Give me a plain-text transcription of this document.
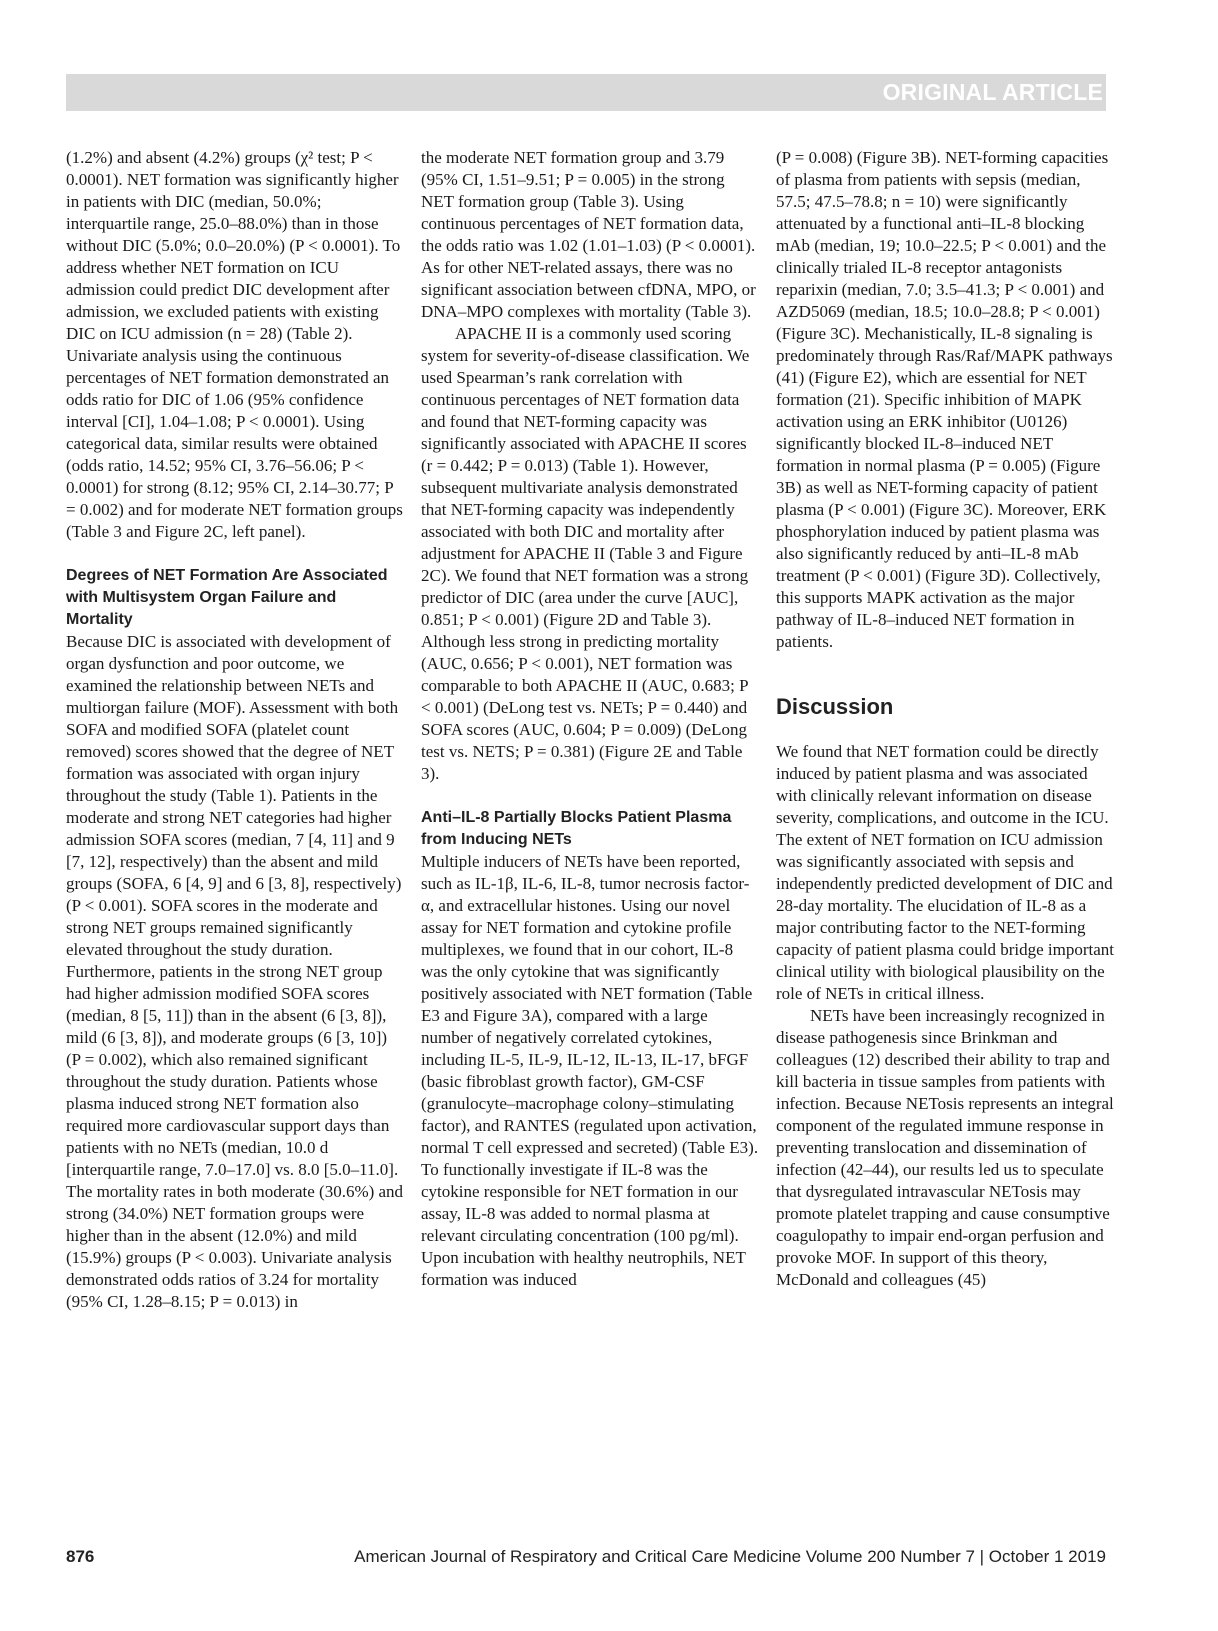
ORIGINAL ARTICLE

(1.2%) and absent (4.2%) groups (χ² test; P < 0.0001). NET formation was significantly higher in patients with DIC (median, 50.0%; interquartile range, 25.0–88.0%) than in those without DIC (5.0%; 0.0–20.0%) (P < 0.0001). To address whether NET formation on ICU admission could predict DIC development after admission, we excluded patients with existing DIC on ICU admission (n = 28) (Table 2). Univariate analysis using the continuous percentages of NET formation demonstrated an odds ratio for DIC of 1.06 (95% confidence interval [CI], 1.04–1.08; P < 0.0001). Using categorical data, similar results were obtained (odds ratio, 14.52; 95% CI, 3.76–56.06; P < 0.0001) for strong (8.12; 95% CI, 2.14–30.77; P = 0.002) and for moderate NET formation groups (Table 3 and Figure 2C, left panel).

Degrees of NET Formation Are Associated with Multisystem Organ Failure and Mortality

Because DIC is associated with development of organ dysfunction and poor outcome, we examined the relationship between NETs and multiorgan failure (MOF). Assessment with both SOFA and modified SOFA (platelet count removed) scores showed that the degree of NET formation was associated with organ injury throughout the study (Table 1). Patients in the moderate and strong NET categories had higher admission SOFA scores (median, 7 [4, 11] and 9 [7, 12], respectively) than the absent and mild groups (SOFA, 6 [4, 9] and 6 [3, 8], respectively) (P < 0.001). SOFA scores in the moderate and strong NET groups remained significantly elevated throughout the study duration. Furthermore, patients in the strong NET group had higher admission modified SOFA scores (median, 8 [5, 11]) than in the absent (6 [3, 8]), mild (6 [3, 8]), and moderate groups (6 [3, 10]) (P = 0.002), which also remained significant throughout the study duration. Patients whose plasma induced strong NET formation also required more cardiovascular support days than patients with no NETs (median, 10.0 d [interquartile range, 7.0–17.0] vs. 8.0 [5.0–11.0]. The mortality rates in both moderate (30.6%) and strong (34.0%) NET formation groups were higher than in the absent (12.0%) and mild (15.9%) groups (P < 0.003). Univariate analysis demonstrated odds ratios of 3.24 for mortality (95% CI, 1.28–8.15; P = 0.013) in

the moderate NET formation group and 3.79 (95% CI, 1.51–9.51; P = 0.005) in the strong NET formation group (Table 3). Using continuous percentages of NET formation data, the odds ratio was 1.02 (1.01–1.03) (P < 0.0001). As for other NET-related assays, there was no significant association between cfDNA, MPO, or DNA–MPO complexes with mortality (Table 3).

APACHE II is a commonly used scoring system for severity-of-disease classification. We used Spearman’s rank correlation with continuous percentages of NET formation data and found that NET-forming capacity was significantly associated with APACHE II scores (r = 0.442; P = 0.013) (Table 1). However, subsequent multivariate analysis demonstrated that NET-forming capacity was independently associated with both DIC and mortality after adjustment for APACHE II (Table 3 and Figure 2C). We found that NET formation was a strong predictor of DIC (area under the curve [AUC], 0.851; P < 0.001) (Figure 2D and Table 3). Although less strong in predicting mortality (AUC, 0.656; P < 0.001), NET formation was comparable to both APACHE II (AUC, 0.683; P < 0.001) (DeLong test vs. NETs; P = 0.440) and SOFA scores (AUC, 0.604; P = 0.009) (DeLong test vs. NETS; P = 0.381) (Figure 2E and Table 3).

Anti–IL-8 Partially Blocks Patient Plasma from Inducing NETs

Multiple inducers of NETs have been reported, such as IL-1β, IL-6, IL-8, tumor necrosis factor-α, and extracellular histones. Using our novel assay for NET formation and cytokine profile multiplexes, we found that in our cohort, IL-8 was the only cytokine that was significantly positively associated with NET formation (Table E3 and Figure 3A), compared with a large number of negatively correlated cytokines, including IL-5, IL-9, IL-12, IL-13, IL-17, bFGF (basic fibroblast growth factor), GM-CSF (granulocyte–macrophage colony–stimulating factor), and RANTES (regulated upon activation, normal T cell expressed and secreted) (Table E3). To functionally investigate if IL-8 was the cytokine responsible for NET formation in our assay, IL-8 was added to normal plasma at relevant circulating concentration (100 pg/ml). Upon incubation with healthy neutrophils, NET formation was induced

(P = 0.008) (Figure 3B). NET-forming capacities of plasma from patients with sepsis (median, 57.5; 47.5–78.8; n = 10) were significantly attenuated by a functional anti–IL-8 blocking mAb (median, 19; 10.0–22.5; P < 0.001) and the clinically trialed IL-8 receptor antagonists reparixin (median, 7.0; 3.5–41.3; P < 0.001) and AZD5069 (median, 18.5; 10.0–28.8; P < 0.001) (Figure 3C). Mechanistically, IL-8 signaling is predominately through Ras/Raf/MAPK pathways (41) (Figure E2), which are essential for NET formation (21). Specific inhibition of MAPK activation using an ERK inhibitor (U0126) significantly blocked IL-8–induced NET formation in normal plasma (P = 0.005) (Figure 3B) as well as NET-forming capacity of patient plasma (P < 0.001) (Figure 3C). Moreover, ERK phosphorylation induced by patient plasma was also significantly reduced by anti–IL-8 mAb treatment (P < 0.001) (Figure 3D). Collectively, this supports MAPK activation as the major pathway of IL-8–induced NET formation in patients.

Discussion

We found that NET formation could be directly induced by patient plasma and was associated with clinically relevant information on disease severity, complications, and outcome in the ICU. The extent of NET formation on ICU admission was significantly associated with sepsis and independently predicted development of DIC and 28-day mortality. The elucidation of IL-8 as a major contributing factor to the NET-forming capacity of patient plasma could bridge important clinical utility with biological plausibility on the role of NETs in critical illness.

NETs have been increasingly recognized in disease pathogenesis since Brinkman and colleagues (12) described their ability to trap and kill bacteria in tissue samples from patients with infection. Because NETosis represents an integral component of the regulated immune response in preventing translocation and dissemination of infection (42–44), our results led us to speculate that dysregulated intravascular NETosis may promote platelet trapping and cause consumptive coagulopathy to impair end-organ perfusion and provoke MOF. In support of this theory, McDonald and colleagues (45)

876	American Journal of Respiratory and Critical Care Medicine Volume 200 Number 7 | October 1 2019
